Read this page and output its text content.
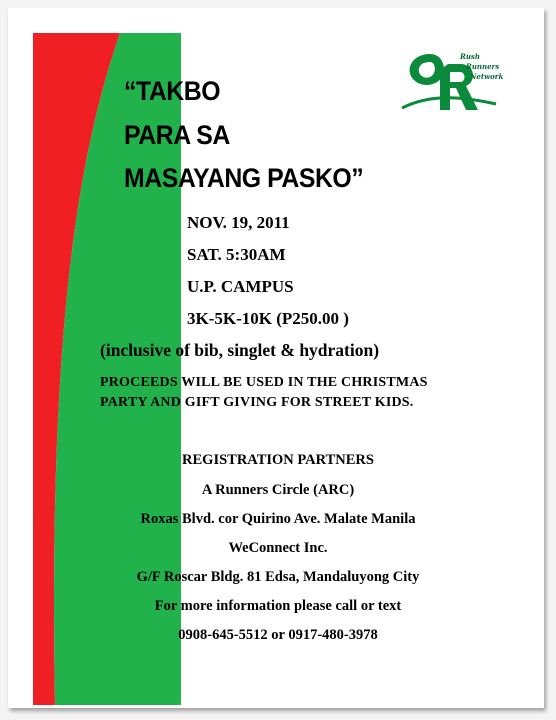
Rush
Runners
Network
“TAKBO
PARA SA
MASAYANG PASKO”
NOV. 19, 2011
SAT. 5:30AM
U.P. CAMPUS
3K-5K-10K (P250.00 )
(inclusive of bib, singlet & hydration)
PROCEEDS WILL BE USED IN THE CHRISTMAS
PARTY AND GIFT GIVING FOR STREET KIDS.
REGISTRATION PARTNERS
A Runners Circle (ARC)
Roxas Blvd. cor Quirino Ave. Malate Manila
WeConnect Inc.
G/F Roscar Bldg. 81 Edsa, Mandaluyong City
For more information please call or text
0908-645-5512 or 0917-480-3978
